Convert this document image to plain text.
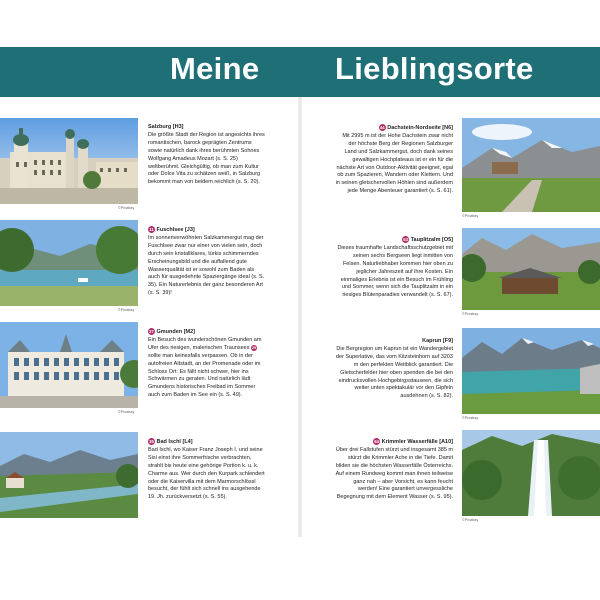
Meine Lieblingsorte
©Pixabay
©Pixabay
©Pixabay
Salzburg [H3]
Die größte Stadt der Region ist angesichts ihres romantischen, barock geprägten Zentrums sowie natürlich dank ihres berühmten Sohnes Wolfgang Amadeus Mozart (s. S. 25) weltberühmt. Gleichgültig, ob man zum Kultur oder Dolce Vita zu schätzen weiß, in Salzburg bekommt man von beidem reichlich (s. S. 20).
11 Fuschlsee [J3]
Im sonnenverwöhnten Salzkammergut mag der Fuschlsee zwar nur einer von vielen sein, doch durch sein kristallklares, türkis schimmerndes Erscheinungsbild und die auffallend gute Wasserqualität ist er sowohl zum Baden als auch für ausgedehnte Spaziergänge ideal (s. S. 35). Ein Naturerlebnis der ganz besonderen Art (s. S. 39)!
27 Gmunden [M2]
Ein Besuch des wunderschönen Gmunden am Ufer des riesigen, malerischen Traunsees 29 sollte man keinesfalls verpassen. Ob in der autofreien Altstadt, an der Promenade oder im Schloss Ort: Es fällt nicht schwer, hier ins Schwärmen zu geraten. Und natürlich lädt Gmundens historisches Freibad im Sommer auch zum Baden im See ein (s. S. 49).
35 Bad Ischl [L4]
Bad Ischl, wo Kaiser Franz Joseph I. und seine Sisi einst ihre Sommerfrische verbrachten, strahlt bis heute eine gehörige Portion k. u. k. Charme aus. Wer durch den Kurpark schlendert oder die Kaiservilla mit dem Marmorschlössl besucht, der fühlt sich schnell ins ausgehende 19. Jh. zurückversetzt (s. S. 55).
44 Dachstein-Nordseite [N6]
Mit 2995 m ist der Hohe Dachstein zwar nicht der höchste Berg der Regionen Salzburger Land und Salzkammergut, doch dank seines gewaltigen Hochplateaus ist er ein für die nächste Art von Outdoor-Aktivität geeignet, egal ob zum Spazieren, Wandern oder Klettern. Und in seinen gletschervollen Höhlen sind außerdem jede Menge Abenteuer garantiert (s. S. 61).
53 Tauplitzalm [O5]
Dieses traumhafte Landschaftsschutzgebiet mit seinen sechs Bergseen liegt inmitten von Felsen. Naturliebhaber kommen hier oben zu jeglicher Jahreszeit auf ihre Kosten. Ein einmaliges Erlebnis ist ein Besuch im Frühling und Sommer, wenn sich die Tauplitzalm in ein riesiges Blütenparadies verwandelt (s. S. 67).
Kaprun [F9]
Die Bergregion um Kaprun ist ein Wandergebiet der Superlative, das vom Kitzsteinhorn auf 3203 m den perfekten Weitblick garantiert. Die Gletscherfelder hier oben spenden die bei den eindrucksvollen Hochgebirgsstauseen, die sich weiter unten spektakulär vor den Gipfeln ausdehnen (s. S. 82).
64 Krimmler Wasserfälle [A10]
Über drei Fallstufen stürzt und insgesamt 385 m stürzt die Krimmler Ache in die Tiefe. Damit bilden sie die höchsten Wasserfälle Österreichs. Auf einem Rundweg kommt man ihnen teilweise ganz nah – aber Vorsicht, es kann feucht werden! Eine garantiert unvergessliche Begegnung mit dem Element Wasser (s. S. 95).
©Pixabay
©Pixabay
©Pixabay
©Pixabay
